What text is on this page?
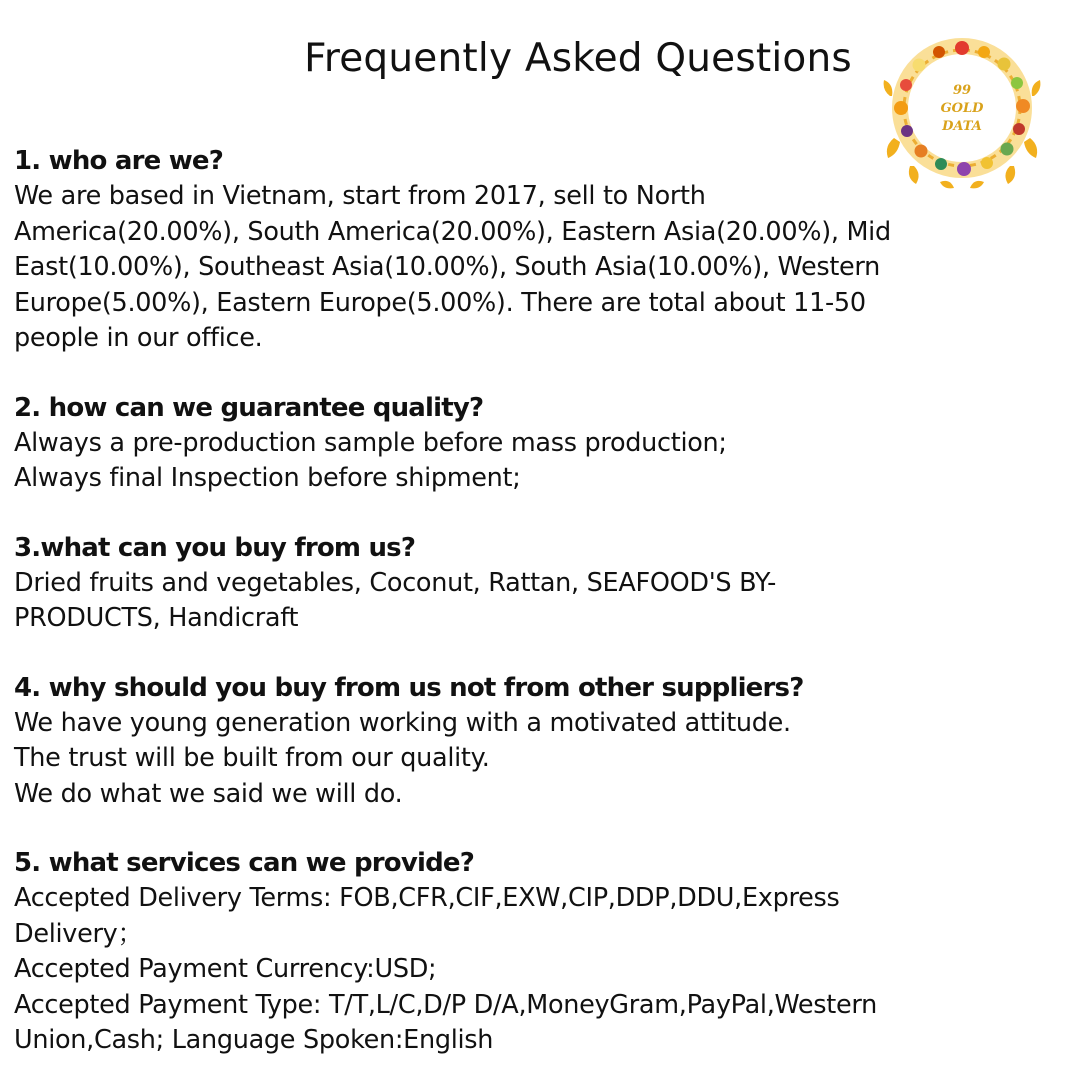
Frequently Asked Questions
99
GOLD
DATA

1. who are we?

We are based in Vietnam, start from 2017, sell to North
America(20.00%), South America(20.00%), Eastern Asia(20.00%), Mid
East(10.00%), Southeast Asia(10.00%), South Asia(10.00%), Western
Europe(5.00%), Eastern Europe(5.00%). There are total about 11-50
people in our office.

2. how can we guarantee quality?

Always a pre-production sample before mass production;
Always final Inspection before shipment;

3.what can you buy from us?

Dried fruits and vegetables, Coconut, Rattan, SEAFOOD'S BY-
PRODUCTS, Handicraft

4. why should you buy from us not from other suppliers?

We have young generation working with a motivated attitude.
The trust will be built from our quality.
We do what we said we will do.

5. what services can we provide?

Accepted Delivery Terms: FOB,CFR,CIF,EXW,CIP,DDP,DDU,Express
Delivery；
Accepted Payment Currency:USD;
Accepted Payment Type: T/T,L/C,D/P D/A,MoneyGram,PayPal,Western
Union,Cash; Language Spoken:English
